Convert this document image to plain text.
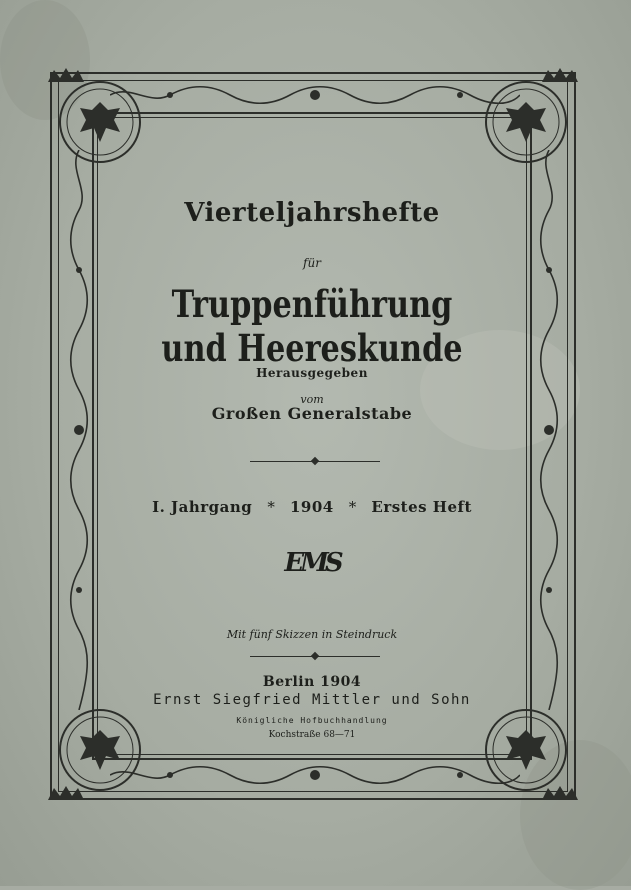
Vierteljahrshefte
für
Truppenführung und Heereskunde
Herausgegeben
vom
Großen Generalstabe
I. Jahrgang * 1904 * Erstes Heft
EMS
Mit fünf Skizzen in Steindruck
Berlin 1904
Ernst Siegfried Mittler und Sohn
Königliche Hofbuchhandlung
Kochstraße 68—71
